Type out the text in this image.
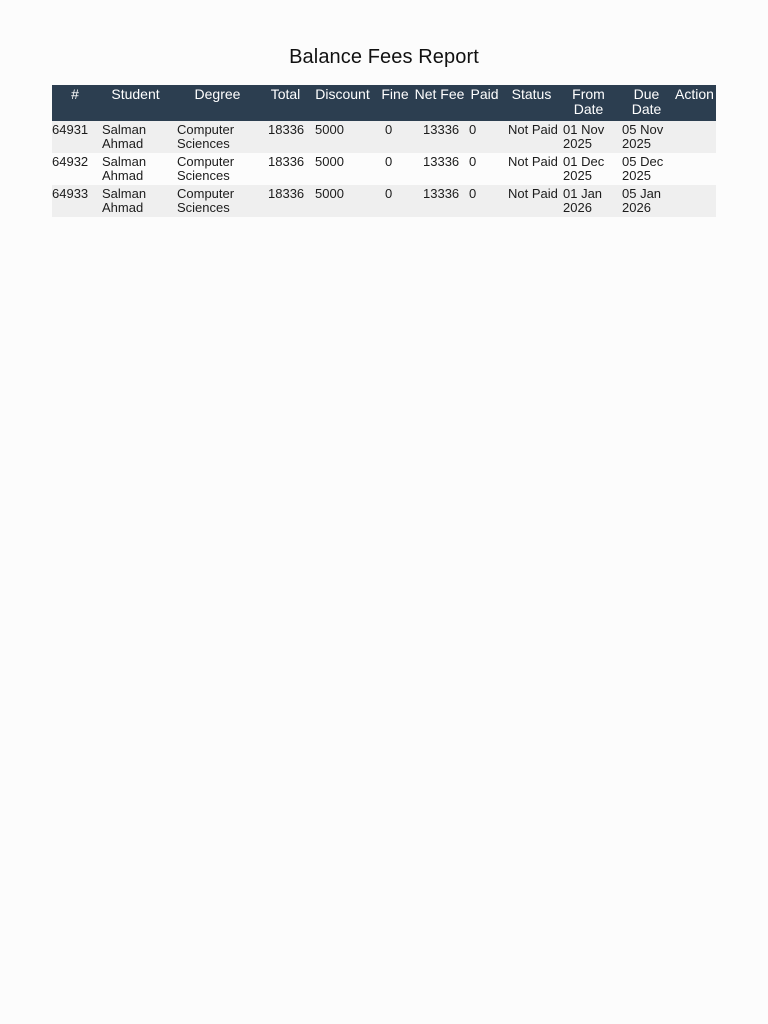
Balance Fees Report
#	Student	Degree	Total	Discount	Fine	Net Fee	Paid	Status	From Date	Due Date	Action
64931	Salman Ahmad	Computer Sciences	18336	5000	0	13336	0	Not Paid	01 Nov 2025	05 Nov 2025	
64932	Salman Ahmad	Computer Sciences	18336	5000	0	13336	0	Not Paid	01 Dec 2025	05 Dec 2025	
64933	Salman Ahmad	Computer Sciences	18336	5000	0	13336	0	Not Paid	01 Jan 2026	05 Jan 2026	
